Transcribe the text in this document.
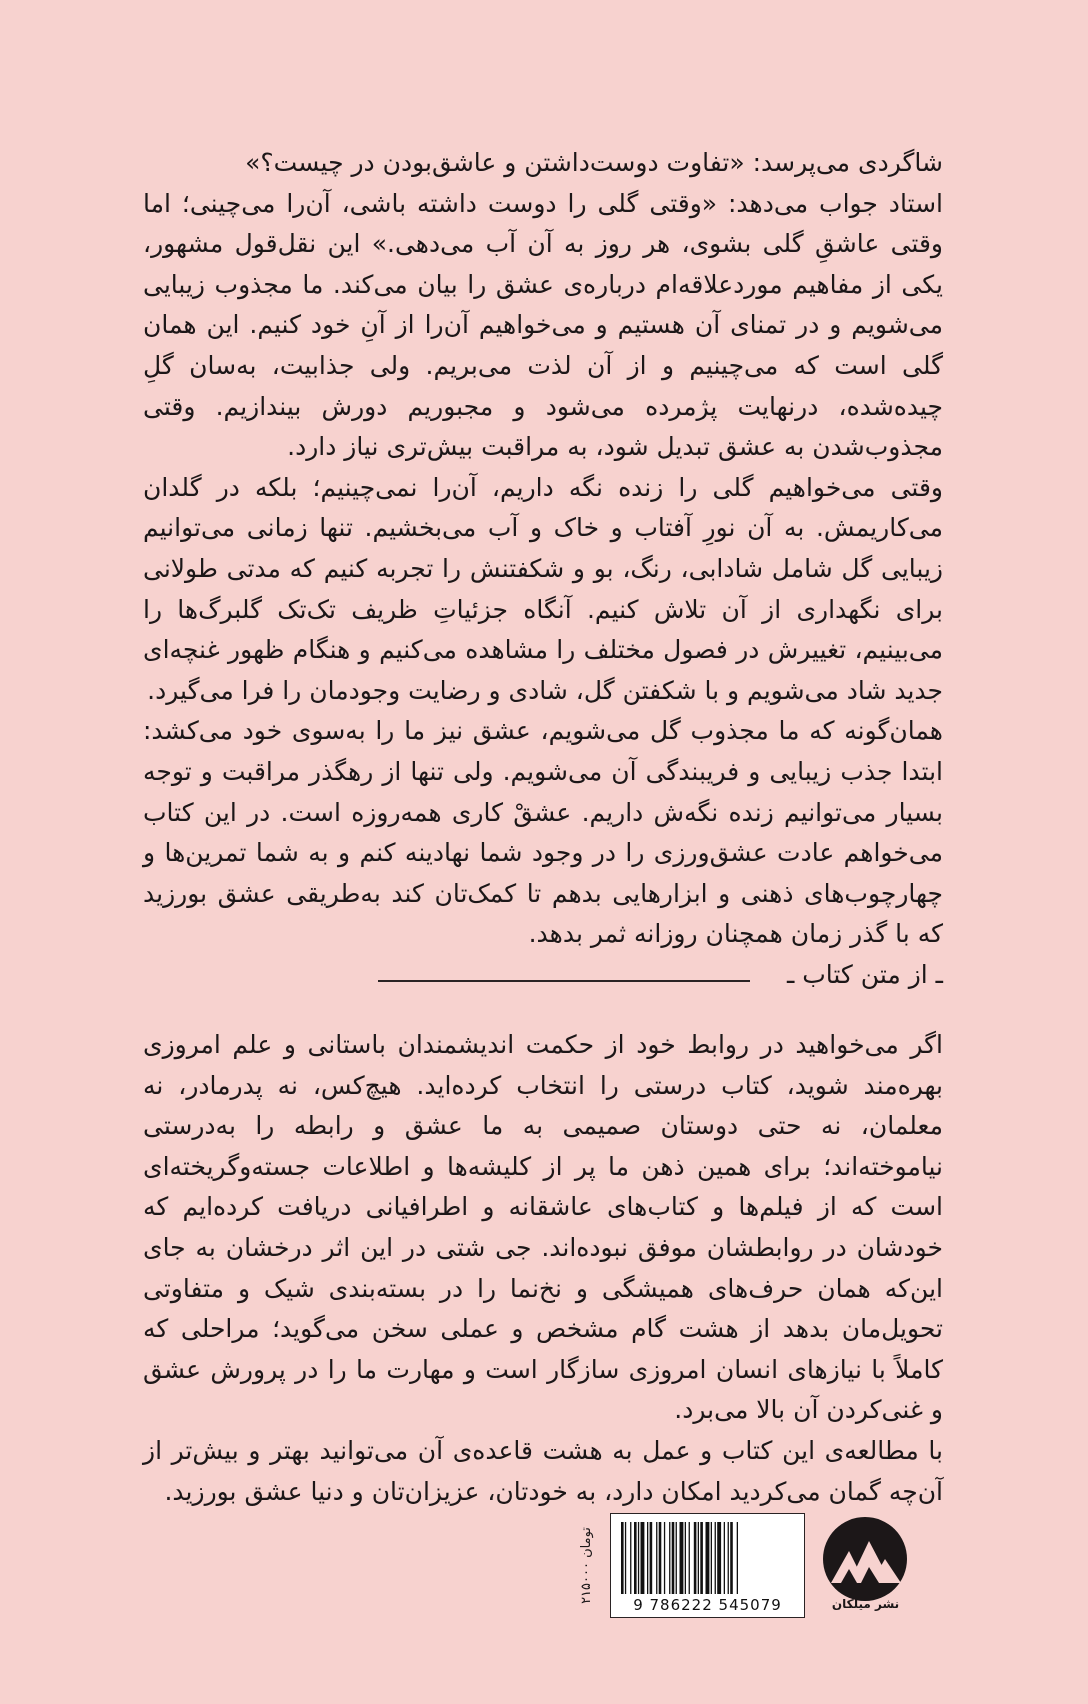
شاگردی می‌پرسد: «تفاوت دوست‌داشتن و عاشق‌بودن در چیست؟»

استاد جواب می‌دهد: «وقتی گلی را دوست داشته باشی، آن‌را می‌چینی؛ اما وقتی عاشقِ گلی بشوی، هر روز به آن آب می‌دهی.» این نقل‌قول مشهور، یکی از مفاهیم موردعلاقه‌ام درباره‌ی عشق را بیان می‌کند. ما مجذوب زیبایی می‌شویم و در تمنای آن هستیم و می‌خواهیم آن‌را از آنِ خود کنیم. این همان گلی است که می‌چینیم و از آن لذت می‌بریم. ولی جذابیت، به‌سان گلِ چیده‌شده، درنهایت پژمرده می‌شود و مجبوریم دورش بیندازیم. وقتی مجذوب‌شدن به عشق تبدیل شود، به مراقبت بیش‌تری نیاز دارد.

وقتی می‌خواهیم گلی را زنده نگه داریم، آن‌را نمی‌چینیم؛ بلکه در گلدان می‌کاریمش. به آن نورِ آفتاب و خاک و آب می‌بخشیم. تنها زمانی می‌توانیم زیبایی گل شامل شادابی، رنگ، بو و شکفتنش را تجربه کنیم که مدتی طولانی برای نگهداری از آن تلاش کنیم. آنگاه جزئیاتِ ظریف تک‌تک گلبرگ‌ها را می‌بینیم، تغییرش در فصول مختلف را مشاهده می‌کنیم و هنگام ظهور غنچه‌ای جدید شاد می‌شویم و با شکفتن گل، شادی و رضایت وجودمان را فرا می‌گیرد.

همان‌گونه که ما مجذوب گل می‌شویم، عشق نیز ما را به‌سوی خود می‌کشد: ابتدا جذب زیبایی و فریبندگی آن می‌شویم. ولی تنها از رهگذر مراقبت و توجه بسیار می‌توانیم زنده نگه‌ش داریم. عشقْ کاری همه‌روزه است. در این کتاب می‌خواهم عادت عشق‌ورزی را در وجود شما نهادینه کنم و به شما تمرین‌ها و چهارچوب‌های ذهنی و ابزارهایی بدهم تا کمک‌تان کند به‌طریقی عشق بورزید که با گذر زمان همچنان روزانه ثمر بدهد.

ـ از متن کتاب ـ

اگر می‌خواهید در روابط خود از حکمت اندیشمندان باستانی و علم امروزی بهره‌مند شوید، کتاب درستی را انتخاب کرده‌اید. هیچ‌کس، نه پدرمادر، نه معلمان، نه حتی دوستان صمیمی به ما عشق و رابطه را به‌درستی نیاموخته‌اند؛ برای همین ذهن ما پر از کلیشه‌ها و اطلاعات جسته‌وگریخته‌ای است که از فیلم‌ها و کتاب‌های عاشقانه و اطرافیانی دریافت کرده‌ایم که خودشان در روابطشان موفق نبوده‌اند. جی شتی در این اثر درخشان به جای این‌که همان حرف‌های همیشگی و نخ‌نما را در بسته‌بندی شیک و متفاوتی تحویل‌مان بدهد از هشت گام مشخص و عملی سخن می‌گوید؛ مراحلی که کاملاً با نیازهای انسان امروزی سازگار است و مهارت ما را در پرورش عشق و غنی‌کردن آن بالا می‌برد.

با مطالعه‌ی این کتاب و عمل به هشت قاعده‌ی آن می‌توانید بهتر و بیش‌تر از آن‌چه گمان می‌کردید امکان دارد، به خودتان، عزیزان‌تان و دنیا عشق بورزید.

۲۱۵۰۰۰ تومان
9 786222 545079	نشر میلکان
